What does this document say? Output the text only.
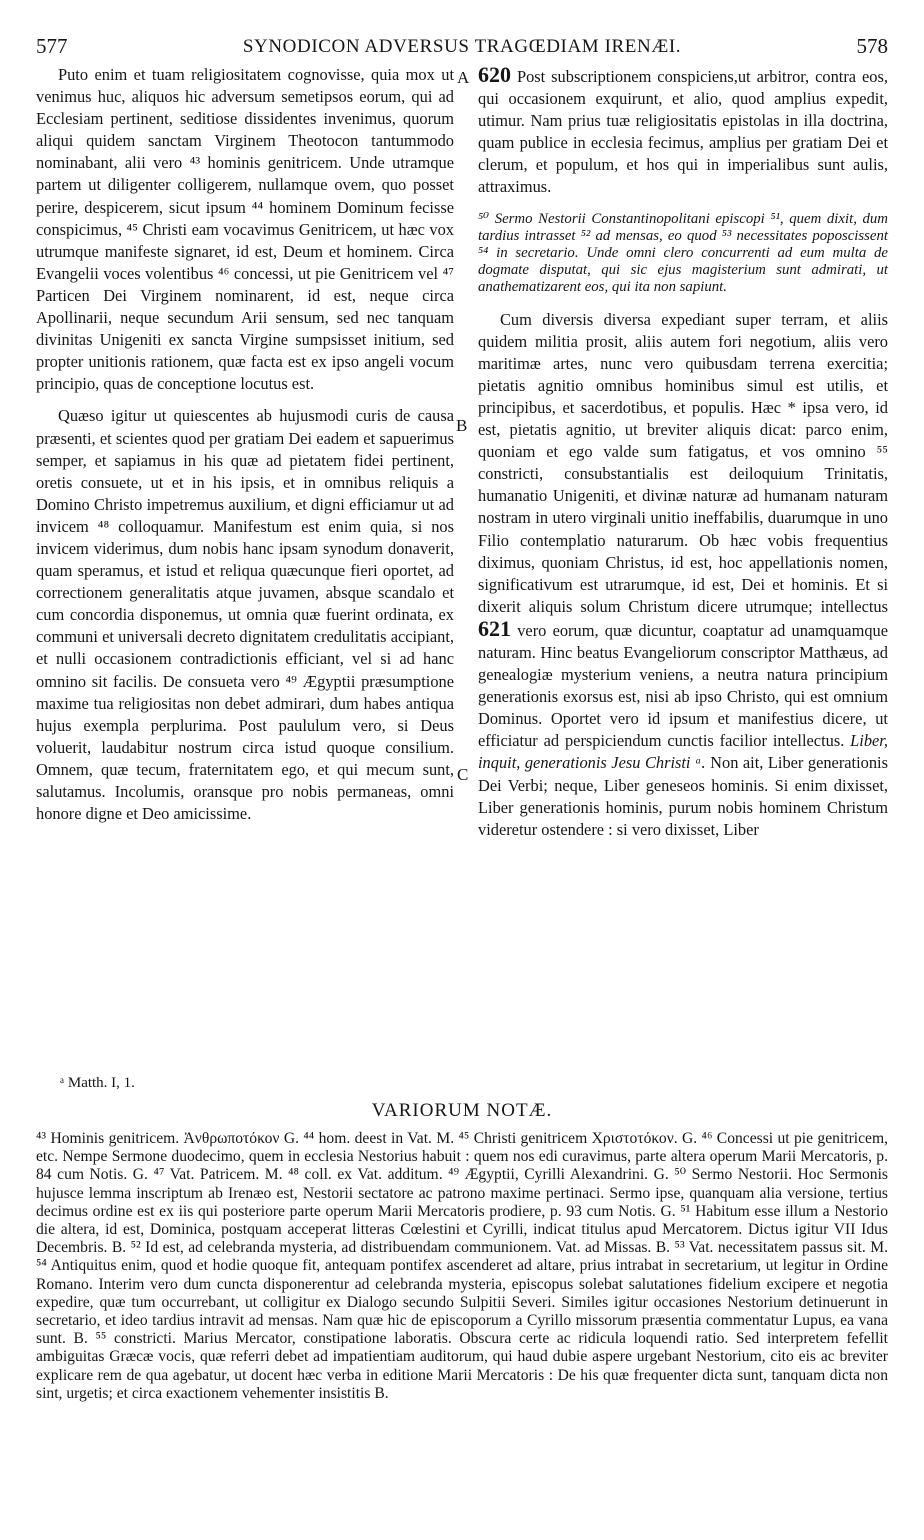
577	SYNODICON ADVERSUS TRAGŒDIAM IRENÆI.	578
A
B
C

Puto enim et tuam religiositatem cognovisse, quia mox ut venimus huc, aliquos hic adversum semetipsos eorum, qui ad Ecclesiam pertinent, seditiose dissidentes invenimus, quorum aliqui quidem sanctam Virginem Theotocon tantummodo nominabant, alii vero ⁴³ hominis genitricem. Unde utramque partem ut diligenter colligerem, nullamque ovem, quo posset perire, despicerem, sicut ipsum ⁴⁴ hominem Dominum fecisse conspicimus, ⁴⁵ Christi eam vocavimus Genitricem, ut hæc vox utrumque manifeste signaret, id est, Deum et hominem. Circa Evangelii voces volentibus ⁴⁶ concessi, ut pie Genitricem vel ⁴⁷ Particen Dei Virginem nominarent, id est, neque circa Apollinarii, neque secundum Arii sensum, sed nec tanquam divinitas Unigeniti ex sancta Virgine sumpsisset initium, sed propter unitionis rationem, quæ facta est ex ipso angeli vocum principio, quas de conceptione locutus est.

Quæso igitur ut quiescentes ab hujusmodi curis de causa præsenti, et scientes quod per gratiam Dei eadem et sapuerimus semper, et sapiamus in his quæ ad pietatem fidei pertinent, oretis consuete, ut et in his ipsis, et in omnibus reliquis a Domino Christo impetremus auxilium, et digni efficiamur ut ad invicem ⁴⁸ colloquamur. Manifestum est enim quia, si nos invicem viderimus, dum nobis hanc ipsam synodum donaverit, quam speramus, et istud et reliqua quæcunque fieri oportet, ad correctionem generalitatis atque juvamen, absque scandalo et cum concordia disponemus, ut omnia quæ fuerint ordinata, ex communi et universali decreto dignitatem credulitatis accipiant, et nulli occasionem contradictionis efficiant, vel si ad hanc omnino sit facilis. De consueta vero ⁴⁹ Ægyptii præsumptione maxime tua religiositas non debet admirari, dum habes antiqua hujus exempla perplurima. Post paululum vero, si Deus voluerit, laudabitur nostrum circa istud quoque consilium. Omnem, quæ tecum, fraternitatem ego, et qui mecum sunt, salutamus. Incolumis, oransque pro nobis permaneas, omni honore digne et Deo amicissime.

620 Post subscriptionem conspiciens,ut arbitror, contra eos, qui occasionem exquirunt, et alio, quod amplius expedit, utimur. Nam prius tuæ religiositatis epistolas in illa doctrina, quam publice in ecclesia fecimus, amplius per gratiam Dei et clerum, et populum, et hos qui in imperialibus sunt aulis, attraximus.

⁵⁰ Sermo Nestorii Constantinopolitani episcopi ⁵¹, quem dixit, dum tardius intrasset ⁵² ad mensas, eo quod ⁵³ necessitates poposcissent ⁵⁴ in secretario. Unde omni clero concurrenti ad eum multa de dogmate disputat, qui sic ejus magisterium sunt admirati, ut anathematizarent eos, qui ita non sapiunt.

Cum diversis diversa expediant super terram, et aliis quidem militia prosit, aliis autem fori negotium, aliis vero maritimæ artes, nunc vero quibusdam terrena exercitia; pietatis agnitio omnibus hominibus simul est utilis, et principibus, et sacerdotibus, et populis. Hæc * ipsa vero, id est, pietatis agnitio, ut breviter aliquis dicat: parco enim, quoniam et ego valde sum fatigatus, et vos omnino ⁵⁵ constricti, consubstantialis est deiloquium Trinitatis, humanatio Unigeniti, et divinæ naturæ ad humanam naturam nostram in utero virginali unitio ineffabilis, duarumque in uno Filio contemplatio naturarum. Ob hæc vobis frequentius diximus, quoniam Christus, id est, hoc appellationis nomen, significativum est utrarumque, id est, Dei et hominis. Et si dixerit aliquis solum Christum dicere utrumque; intellectus 621 vero eorum, quæ dicuntur, coaptatur ad unamquamque naturam. Hinc beatus Evangeliorum conscriptor Matthæus, ad genealogiæ mysterium veniens, a neutra natura principium generationis exorsus est, nisi ab ipso Christo, qui est omnium Dominus. Oportet vero id ipsum et manifestius dicere, ut efficiatur ad perspiciendum cunctis facilior intellectus. Liber, inquit, generationis Jesu Christi ᵃ. Non ait, Liber generationis Dei Verbi; neque, Liber geneseos hominis. Si enim dixisset, Liber generationis hominis, purum nobis hominem Christum videretur ostendere : si vero dixisset, Liber

ᵃ Matth. I, 1.
VARIORUM NOTÆ.

⁴³ Hominis genitricem. Ἀνθρωποτόκον G. ⁴⁴ hom. deest in Vat. M. ⁴⁵ Christi genitricem Χριστοτόκον. G. ⁴⁶ Concessi ut pie genitricem, etc. Nempe Sermone duodecimo, quem in ecclesia Nestorius habuit : quem nos edi curavimus, parte altera operum Marii Mercatoris, p. 84 cum Notis. G. ⁴⁷ Vat. Patricem. M. ⁴⁸ coll. ex Vat. additum. ⁴⁹ Ægyptii, Cyrilli Alexandrini. G. ⁵⁰ Sermo Nestorii. Hoc Sermonis hujusce lemma inscriptum ab Irenæo est, Nestorii sectatore ac patrono maxime pertinaci. Sermo ipse, quanquam alia versione, tertius decimus ordine est ex iis qui posteriore parte operum Marii Mercatoris prodiere, p. 93 cum Notis. G. ⁵¹ Habitum esse illum a Nestorio die altera, id est, Dominica, postquam acceperat litteras Cœlestini et Cyrilli, indicat titulus apud Mercatorem. Dictus igitur VII Idus Decembris. B. ⁵² Id est, ad celebranda mysteria, ad distribuendam communionem. Vat. ad Missas. B. ⁵³ Vat. necessitatem passus sit. M. ⁵⁴ Antiquitus enim, quod et hodie quoque fit, antequam pontifex ascenderet ad altare, prius intrabat in secretarium, ut legitur in Ordine Romano. Interim vero dum cuncta disponerentur ad celebranda mysteria, episcopus solebat salutationes fidelium excipere et negotia expedire, quæ tum occurrebant, ut colligitur ex Dialogo secundo Sulpitii Severi. Similes igitur occasiones Nestorium detinuerunt in secretario, et ideo tardius intravit ad mensas. Nam quæ hic de episcoporum a Cyrillo missorum præsentia commentatur Lupus, ea vana sunt. B. ⁵⁵ constricti. Marius Mercator, constipatione laboratis. Obscura certe ac ridicula loquendi ratio. Sed interpretem fefellit ambiguitas Græcæ vocis, quæ referri debet ad impatientiam auditorum, qui haud dubie aspere urgebant Nestorium, cito eis ac breviter explicare rem de qua agebatur, ut docent hæc verba in editione Marii Mercatoris : De his quæ frequenter dicta sunt, tanquam dicta non sint, urgetis; et circa exactionem vehementer insistitis B.
